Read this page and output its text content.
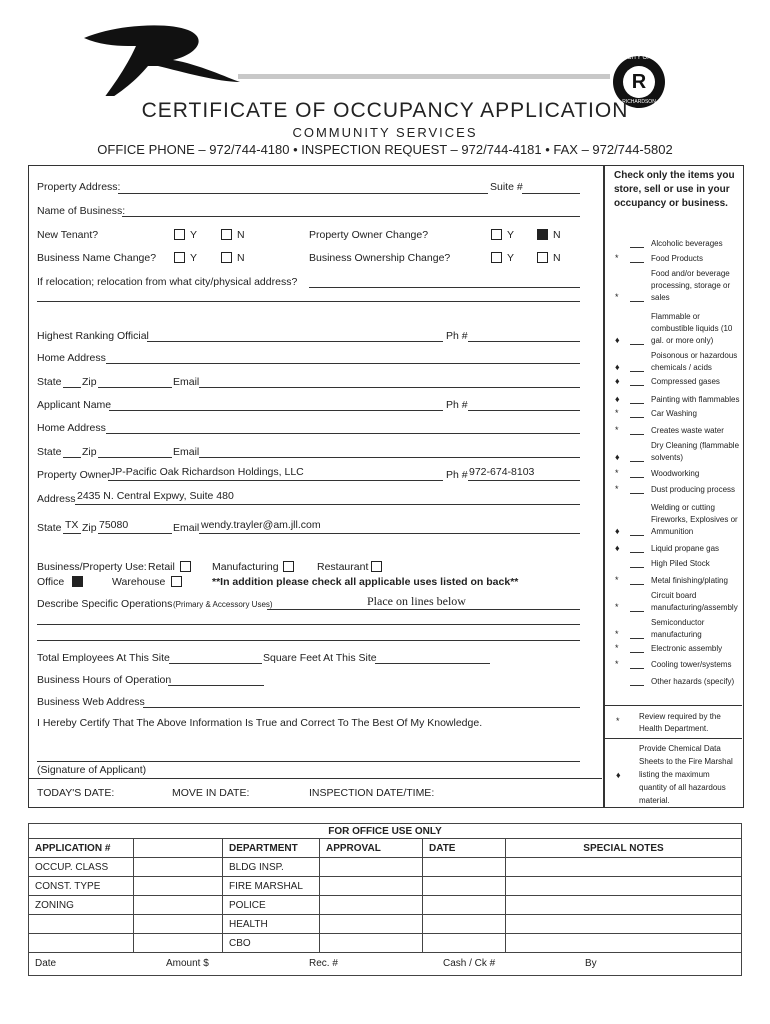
R
CITY OF
RICHARDSON
CERTIFICATE OF OCCUPANCY APPLICATION
COMMUNITY SERVICES
OFFICE PHONE – 972/744-4180 • INSPECTION REQUEST – 972/744-4181 • FAX – 972/744-5802
Property Address:	Suite #
Name of Business:
New Tenant?	Y	N	Property Owner Change?	Y	N
Business Name Change?	Y	N	Business Ownership Change?	Y	N
If relocation; relocation from what city/physical address?
Highest Ranking Official	Ph #
Home Address
State Zip	Email
Applicant Name	Ph #
Home Address
State Zip	Email
Property Owner JP-Pacific Oak Richardson Holdings, LLC	Ph # 972-674-8103
Address 2435 N. Central Expwy, Suite 480
State TX Zip 75080	Email wendy.trayler@am.jll.com
Business/Property Use: Retail	Manufacturing	Restaurant
Office	Warehouse	**In addition please check all applicable uses listed on back**
Describe Specific Operations (Primary & Accessory Uses)	Place on lines below
Total Employees At This Site	Square Feet At This Site
Business Hours of Operation
Business Web Address
I Hereby Certify That The Above Information Is True and Correct To The Best Of My Knowledge.
(Signature of Applicant)
TODAY'S DATE:	MOVE IN DATE:	INSPECTION DATE/TIME:
Check only the items you store, sell or use in your occupancy or business.
Alcoholic beverages
*	Food Products
*
Food and/or beverage processing, storage or sales
♦
Flammable or combustible liquids (10 gal. or more only)
♦
Poisonous or hazardous chemicals / acids
♦	Compressed gases
♦	Painting with flammables
*	Car Washing
*	Creates waste water
♦
Dry Cleaning (flammable solvents)
*	Woodworking
*	Dust producing process
♦
Welding or cutting Fireworks, Explosives or Ammunition
♦	Liquid propane gas
High Piled Stock
*	Metal finishing/plating
*
Circuit board manufacturing/assembly
*
Semiconductor manufacturing
*	Electronic assembly
*	Cooling tower/systems
Other hazards (specify)
* Review required by the Health Department.
♦
Provide Chemical Data Sheets to the Fire Marshal listing the maximum quantity of all hazardous material.
FOR OFFICE USE ONLY					
APPLICATION #		DEPARTMENT	APPROVAL	DATE	SPECIAL NOTES
OCCUP. CLASS		BLDG INSP.			
CONST. TYPE		FIRE MARSHAL			
ZONING		POLICE			
		HEALTH			
		CBO			

Date Amount $ Rec. # Cash / Ck # By					
